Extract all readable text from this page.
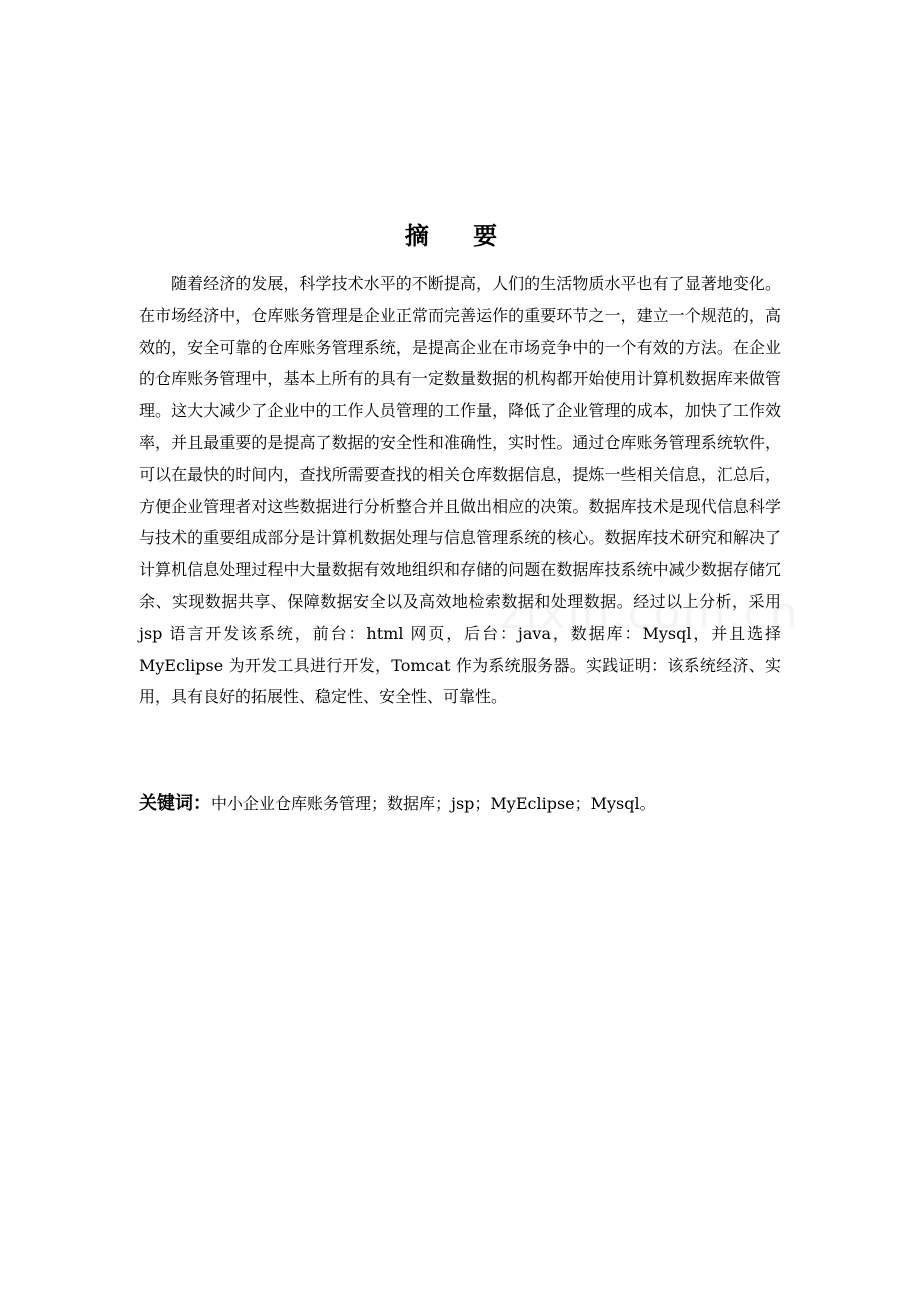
摘 要

随着经济的发展，科学技术水平的不断提高，人们的生活物质水平也有了显著地变化。在市场经济中，仓库账务管理是企业正常而完善运作的重要环节之一，建立一个规范的，高效的，安全可靠的仓库账务管理系统，是提高企业在市场竞争中的一个有效的方法。在企业的仓库账务管理中，基本上所有的具有一定数量数据的机构都开始使用计算机数据库来做管理。这大大减少了企业中的工作人员管理的工作量，降低了企业管理的成本，加快了工作效率，并且最重要的是提高了数据的安全性和准确性，实时性。通过仓库账务管理系统软件，可以在最快的时间内，查找所需要查找的相关仓库数据信息，提炼一些相关信息，汇总后，方便企业管理者对这些数据进行分析整合并且做出相应的决策。数据库技术是现代信息科学与技术的重要组成部分是计算机数据处理与信息管理系统的核心。数据库技术研究和解决了计算机信息处理过程中大量数据有效地组织和存储的问题在数据库技系统中减少数据存储冗余、实现数据共享、保障数据安全以及高效地检索数据和处理数据。经过以上分析，采用 jsp 语言开发该系统，前台：html 网页，后台：java，数据库：Mysql，并且选择 MyEclipse 为开发工具进行开发，Tomcat 作为系统服务器。实践证明：该系统经济、实用，具有良好的拓展性、稳定性、安全性、可靠性。

关键词：中小企业仓库账务管理；数据库；jsp；MyEclipse；Mysql。
